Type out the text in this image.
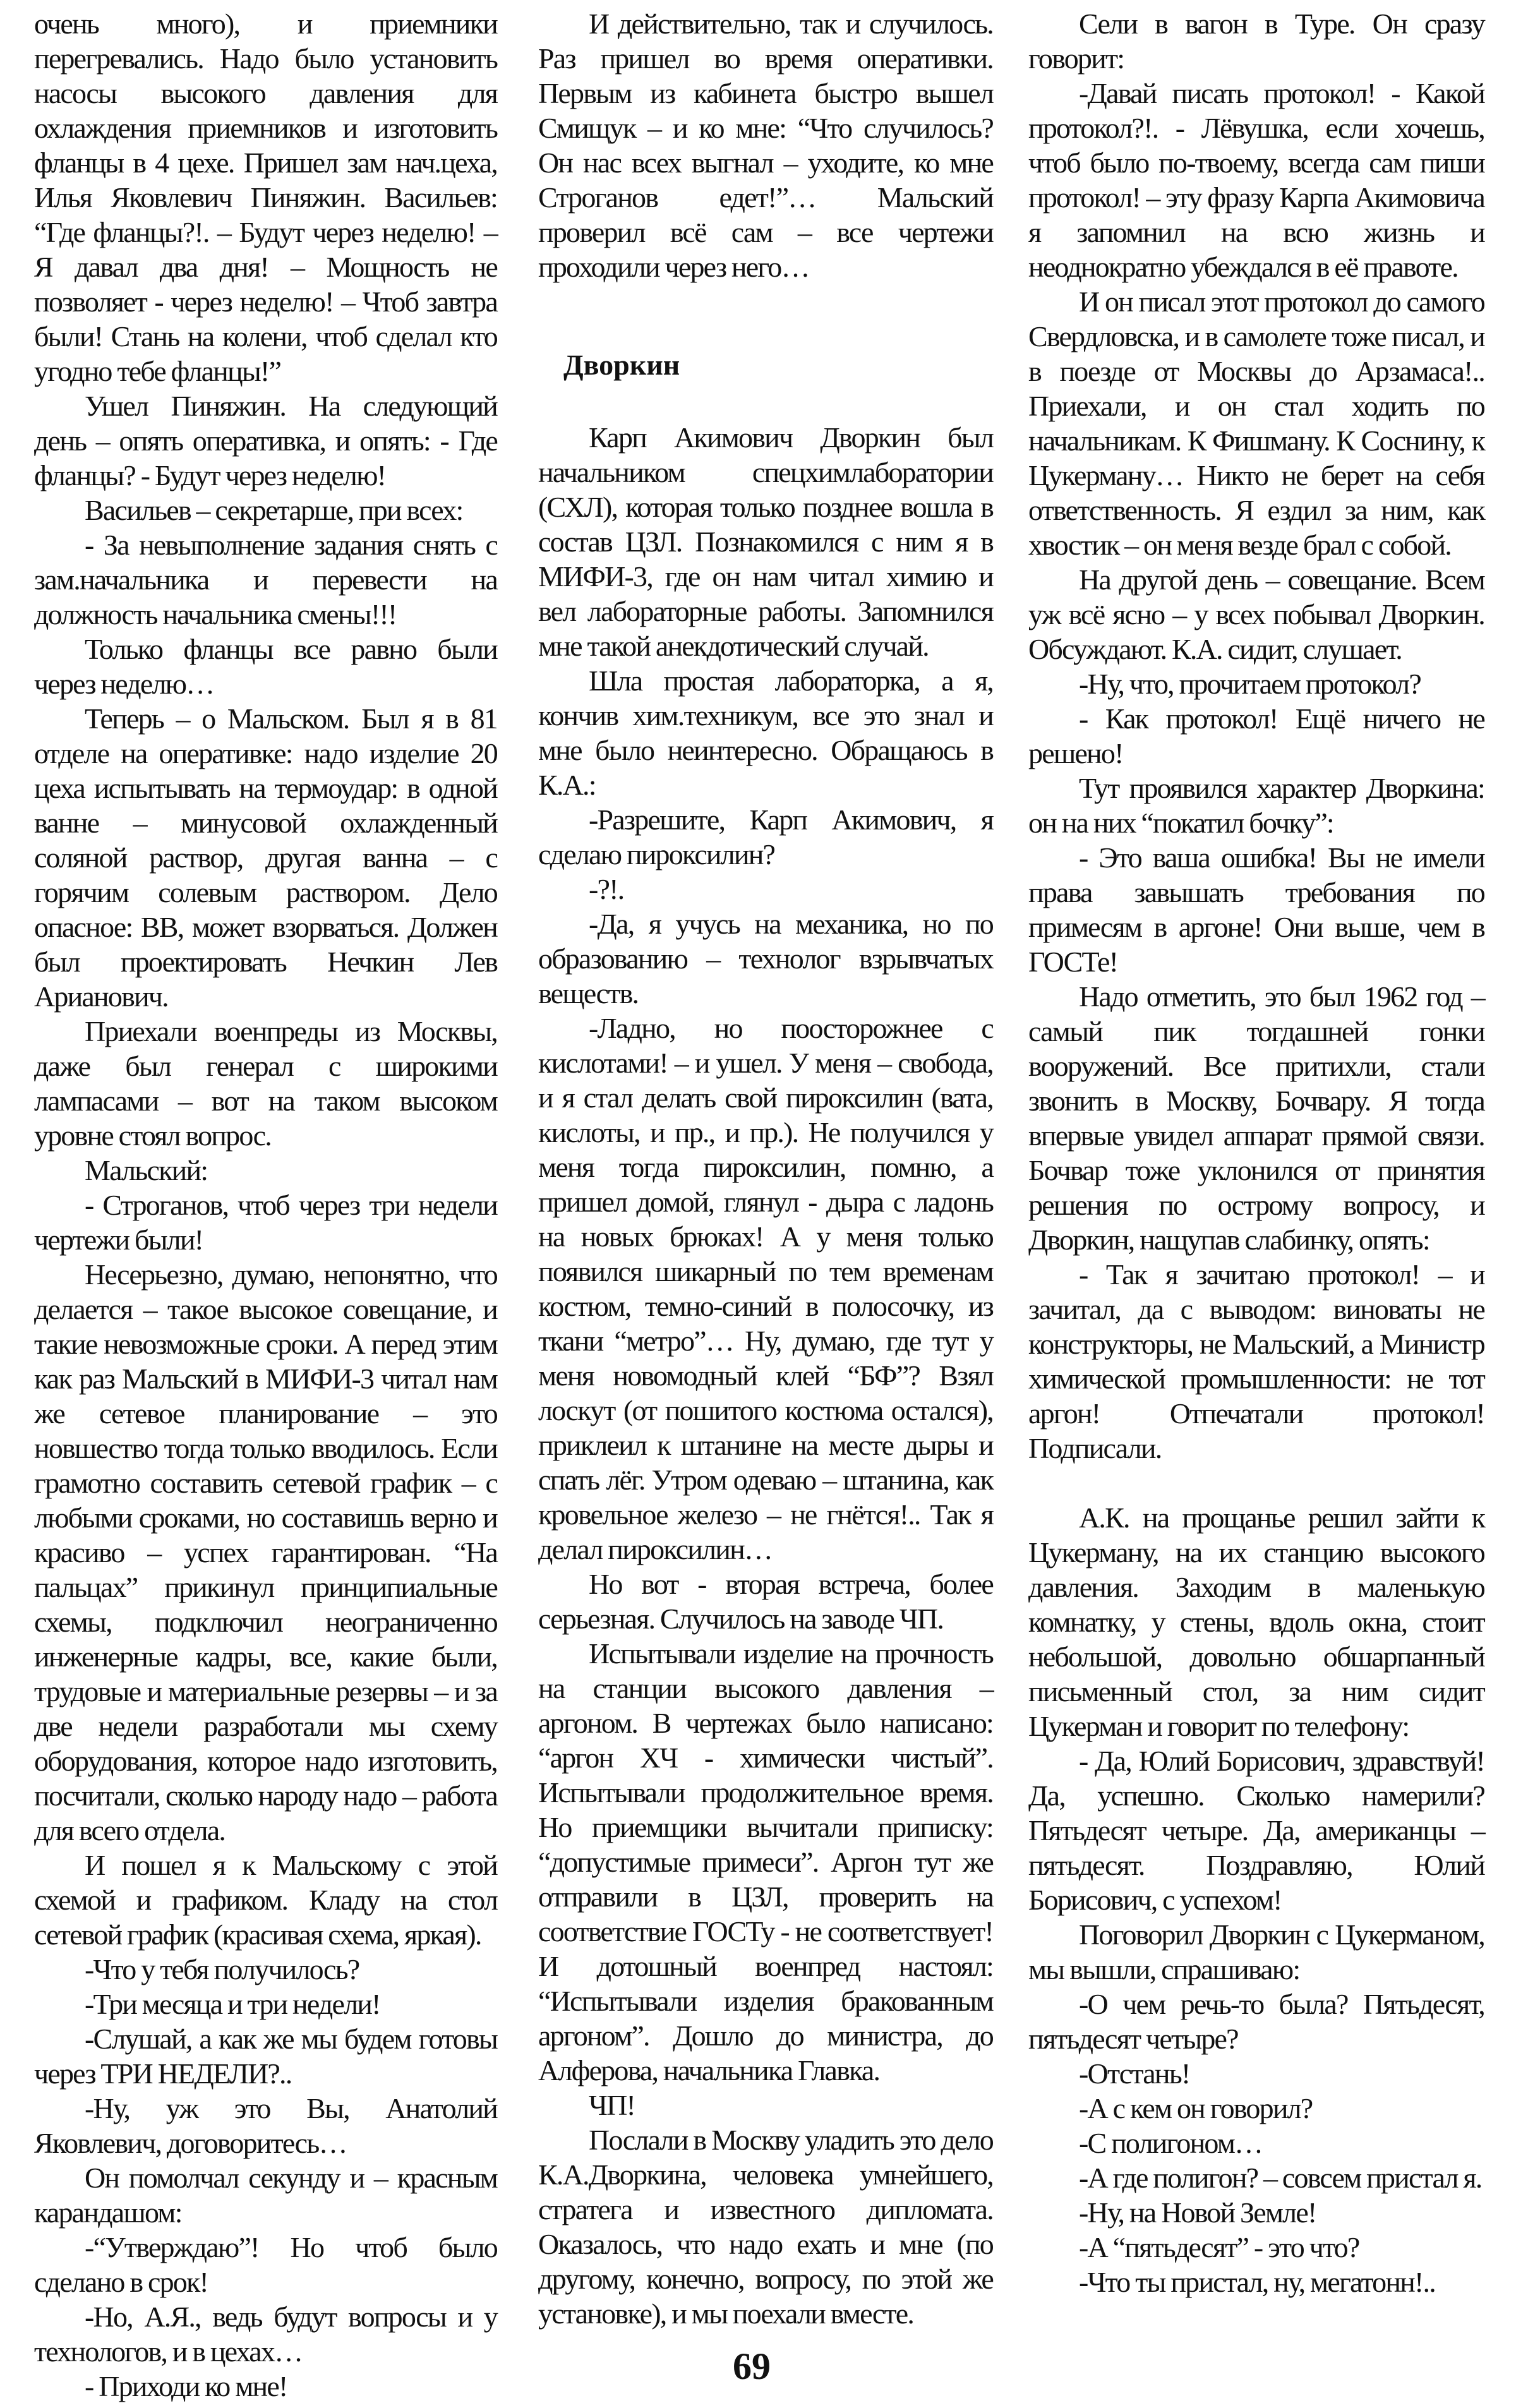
очень много), и приемники перегревались. Надо было установить насосы высокого давления для охлаждения приемников и изготовить фланцы в 4 цехе. Пришел зам нач.цеха, Илья Яковлевич Пиняжин. Васильев: “Где фланцы?!. – Будут через неделю! – Я давал два дня! – Мощность не позволяет - через неделю! – Чтоб завтра были! Стань на колени, чтоб сделал кто угодно тебе фланцы!”

Ушел Пиняжин. На следующий день – опять оперативка, и опять: - Где фланцы? - Будут через неделю!

Васильев – секретарше, при всех:

- За невыполнение задания снять с зам.начальника и перевести на должность начальника смены!!!

Только фланцы все равно были через неделю…

Теперь – о Мальском. Был я в 81 отделе на оперативке: надо изделие 20 цеха испытывать на термоудар: в одной ванне – минусовой охлажденный соляной раствор, другая ванна – с горячим солевым раствором. Дело опасное: ВВ, может взорваться. Должен был проектировать Нечкин Лев Арианович.

Приехали военпреды из Москвы, даже был генерал с широкими лампасами – вот на таком высоком уровне стоял вопрос.

Мальский:

- Строганов, чтоб через три недели чертежи были!

Несерьезно, думаю, непонятно, что делается – такое высокое совещание, и такие невозможные сроки. А перед этим как раз Мальский в МИФИ-3 читал нам же сетевое планирование – это новшество тогда только вводилось. Если грамотно составить сетевой график – с любыми сроками, но составишь верно и красиво – успех гарантирован. “На пальцах” прикинул принципиальные схемы, подключил неограниченно инженерные кадры, все, какие были, трудовые и материальные резервы – и за две недели разработали мы схему оборудования, которое надо изготовить, посчитали, сколько народу надо – работа для всего отдела.

И пошел я к Мальскому с этой схемой и графиком. Кладу на стол сетевой график (красивая схема, яркая).

-Что у тебя получилось?

-Три месяца и три недели!

-Слушай, а как же мы будем готовы через ТРИ НЕДЕЛИ?..

-Ну, уж это Вы, Анатолий Яковлевич, договоритесь…

Он помолчал секунду и – красным карандашом:

-“Утверждаю”! Но чтоб было сделано в срок!

-Но, А.Я., ведь будут вопросы и у технологов, и в цехах…

- Приходи ко мне!

И действительно, так и случилось. Раз пришел во время оперативки. Первым из кабинета быстро вышел Смищук – и ко мне: “Что случилось? Он нас всех выгнал – уходите, ко мне Строганов едет!”… Мальский проверил всё сам – все чертежи проходили через него…

Дворкин

Карп Акимович Дворкин был начальником спецхимлаборатории (СХЛ), которая только позднее вошла в состав ЦЗЛ. Познакомился с ним я в МИФИ-3, где он нам читал химию и вел лабораторные работы. Запомнился мне такой анекдотический случай.

Шла простая лабораторка, а я, кончив хим.техникум, все это знал и мне было неинтересно. Обращаюсь в К.А.:

-Разрешите, Карп Акимович, я сделаю пироксилин?

-?!.

-Да, я учусь на механика, но по образованию – технолог взрывчатых веществ.

-Ладно, но поосторожнее с кислотами! – и ушел. У меня – свобода, и я стал делать свой пироксилин (вата, кислоты, и пр., и пр.). Не получился у меня тогда пироксилин, помню, а пришел домой, глянул - дыра с ладонь на новых брюках! А у меня только появился шикарный по тем временам костюм, темно-синий в полосочку, из ткани “метро”… Ну, думаю, где тут у меня новомодный клей “БФ”? Взял лоскут (от пошитого костюма остался), приклеил к штанине на месте дыры и спать лёг. Утром одеваю – штанина, как кровельное железо – не гнётся!.. Так я делал пироксилин…

Но вот - вторая встреча, более серьезная. Случилось на заводе ЧП.

Испытывали изделие на прочность на станции высокого давления – аргоном. В чертежах было написано: “аргон ХЧ - химически чистый”. Испытывали продолжительное время. Но приемщики вычитали приписку: “допустимые примеси”. Аргон тут же отправили в ЦЗЛ, проверить на соответствие ГОСТу - не соответствует! И дотошный военпред настоял: “Испытывали изделия бракованным аргоном”. Дошло до министра, до Алферова, начальника Главка.

ЧП!

Послали в Москву уладить это дело К.А.Дворкина, человека умнейшего, стратега и известного дипломата. Оказалось, что надо ехать и мне (по другому, конечно, вопросу, по этой же установке), и мы поехали вместе.

Сели в вагон в Туре. Он сразу говорит:

-Давай писать протокол! - Какой протокол?!. - Лёвушка, если хочешь, чтоб было по-твоему, всегда сам пиши протокол! – эту фразу Карпа Акимовича я запомнил на всю жизнь и неоднократно убеждался в её правоте.

И он писал этот протокол до самого Свердловска, и в самолете тоже писал, и в поезде от Москвы до Арзамаса!.. Приехали, и он стал ходить по начальникам. К Фишману. К Соснину, к Цукерману… Никто не берет на себя ответственность. Я ездил за ним, как хвостик – он меня везде брал с собой.

На другой день – совещание. Всем уж всё ясно – у всех побывал Дворкин. Обсуждают. К.А. сидит, слушает.

-Ну, что, прочитаем протокол?

- Как протокол! Ещё ничего не решено!

Тут проявился характер Дворкина: он на них “покатил бочку”:

- Это ваша ошибка! Вы не имели права завышать требования по примесям в аргоне! Они выше, чем в ГОСТе!

Надо отметить, это был 1962 год – самый пик тогдашней гонки вооружений. Все притихли, стали звонить в Москву, Бочвару. Я тогда впервые увидел аппарат прямой связи. Бочвар тоже уклонился от принятия решения по острому вопросу, и Дворкин, нащупав слабинку, опять:

- Так я зачитаю протокол! – и зачитал, да с выводом: виноваты не конструкторы, не Мальский, а Министр химической промышленности: не тот аргон! Отпечатали протокол! Подписали.

А.К. на прощанье решил зайти к Цукерману, на их станцию высокого давления. Заходим в маленькую комнатку, у стены, вдоль окна, стоит небольшой, довольно обшарпанный письменный стол, за ним сидит Цукерман и говорит по телефону:

- Да, Юлий Борисович, здравствуй! Да, успешно. Сколько намерили? Пятьдесят четыре. Да, американцы – пятьдесят. Поздравляю, Юлий Борисович, с успехом!

Поговорил Дворкин с Цукерманом, мы вышли, спрашиваю:

-О чем речь-то была? Пятьдесят, пятьдесят четыре?

-Отстань!

-А с кем он говорил?

-С полигоном…

-А где полигон? – совсем пристал я.

-Ну, на Новой Земле!

-А “пятьдесят” - это что?

-Что ты пристал, ну, мегатонн!..

69
